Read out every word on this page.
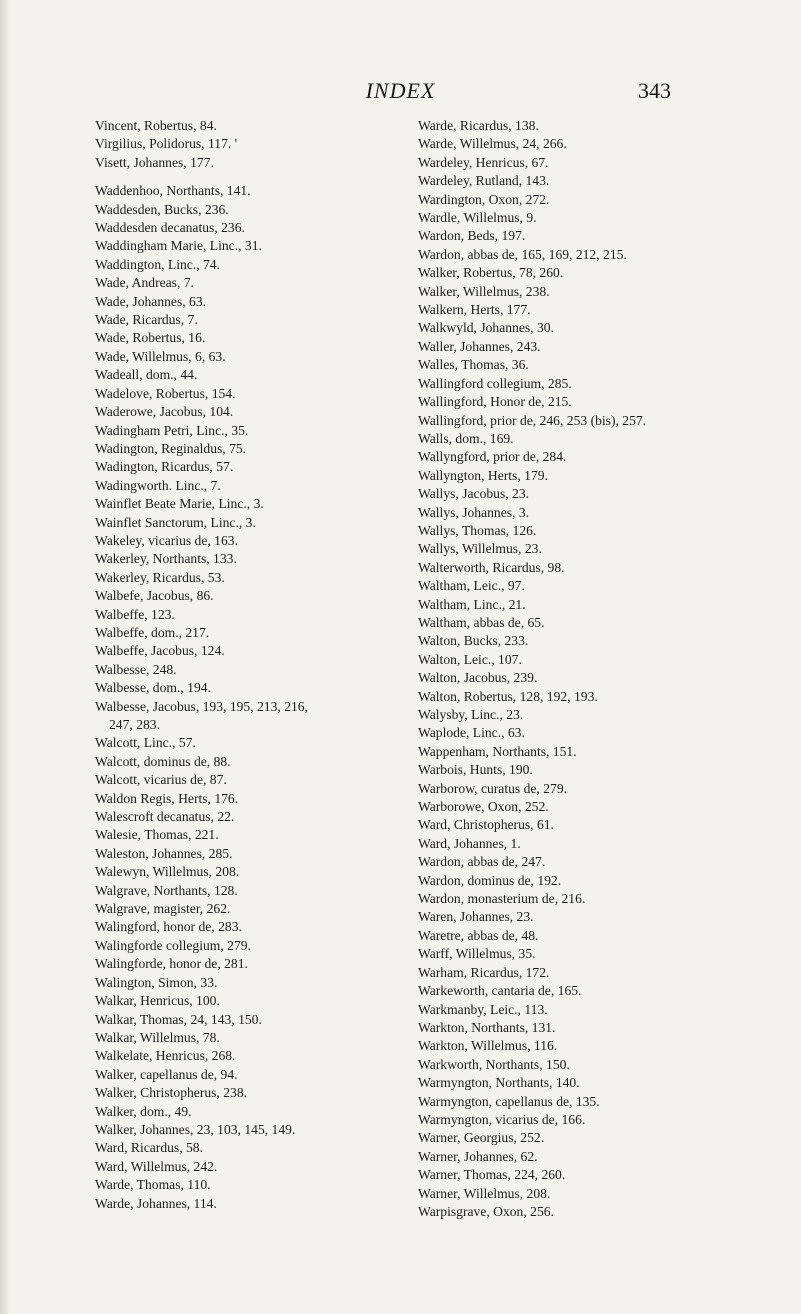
INDEX	343
Vincent, Robertus, 84.
Virgilius, Polidorus, 117. '
Visett, Johannes, 177.
Waddenhoo, Northants, 141.
Waddesden, Bucks, 236.
Waddesden decanatus, 236.
Waddingham Marie, Linc., 31.
Waddington, Linc., 74.
Wade, Andreas, 7.
Wade, Johannes, 63.
Wade, Ricardus, 7.
Wade, Robertus, 16.
Wade, Willelmus, 6, 63.
Wadeall, dom., 44.
Wadelove, Robertus, 154.
Waderowe, Jacobus, 104.
Wadingham Petri, Linc., 35.
Wadington, Reginaldus, 75.
Wadington, Ricardus, 57.
Wadingworth. Linc., 7.
Wainflet Beate Marie, Linc., 3.
Wainflet Sanctorum, Linc., 3.
Wakeley, vicarius de, 163.
Wakerley, Northants, 133.
Wakerley, Ricardus, 53.
Walbefe, Jacobus, 86.
Walbeffe, 123.
Walbeffe, dom., 217.
Walbeffe, Jacobus, 124.
Walbesse, 248.
Walbesse, dom., 194.
Walbesse, Jacobus, 193, 195, 213, 216,
247, 283.
Walcott, Linc., 57.
Walcott, dominus de, 88.
Walcott, vicarius de, 87.
Waldon Regis, Herts, 176.
Walescroft decanatus, 22.
Walesie, Thomas, 221.
Waleston, Johannes, 285.
Walewyn, Willelmus, 208.
Walgrave, Northants, 128.
Walgrave, magister, 262.
Walingford, honor de, 283.
Walingforde collegium, 279.
Walingforde, honor de, 281.
Walington, Simon, 33.
Walkar, Henricus, 100.
Walkar, Thomas, 24, 143, 150.
Walkar, Willelmus, 78.
Walkelate, Henricus, 268.
Walker, capellanus de, 94.
Walker, Christopherus, 238.
Walker, dom., 49.
Walker, Johannes, 23, 103, 145, 149.
Ward, Ricardus, 58.
Ward, Willelmus, 242.
Warde, Thomas, 110.
Warde, Johannes, 114.
Warde, Ricardus, 138.
Warde, Willelmus, 24, 266.
Wardeley, Henricus, 67.
Wardeley, Rutland, 143.
Wardington, Oxon, 272.
Wardle, Willelmus, 9.
Wardon, Beds, 197.
Wardon, abbas de, 165, 169, 212, 215.
Walker, Robertus, 78, 260.
Walker, Willelmus, 238.
Walkern, Herts, 177.
Walkwyld, Johannes, 30.
Waller, Johannes, 243.
Walles, Thomas, 36.
Wallingford collegium, 285.
Wallingford, Honor de, 215.
Wallingford, prior de, 246, 253 (bis), 257.
Walls, dom., 169.
Wallyngford, prior de, 284.
Wallyngton, Herts, 179.
Wallys, Jacobus, 23.
Wallys, Johannes, 3.
Wallys, Thomas, 126.
Wallys, Willelmus, 23.
Walterworth, Ricardus, 98.
Waltham, Leic., 97.
Waltham, Linc., 21.
Waltham, abbas de, 65.
Walton, Bucks, 233.
Walton, Leic., 107.
Walton, Jacobus, 239.
Walton, Robertus, 128, 192, 193.
Walysby, Linc., 23.
Waplode, Linc., 63.
Wappenham, Northants, 151.
Warbois, Hunts, 190.
Warborow, curatus de, 279.
Warborowe, Oxon, 252.
Ward, Christopherus, 61.
Ward, Johannes, 1.
Wardon, abbas de, 247.
Wardon, dominus de, 192.
Wardon, monasterium de, 216.
Waren, Johannes, 23.
Waretre, abbas de, 48.
Warff, Willelmus, 35.
Warham, Ricardus, 172.
Warkeworth, cantaria de, 165.
Warkmanby, Leic., 113.
Warkton, Northants, 131.
Warkton, Willelmus, 116.
Warkworth, Northants, 150.
Warmyngton, Northants, 140.
Warmyngton, capellanus de, 135.
Warmyngton, vicarius de, 166.
Warner, Georgius, 252.
Warner, Johannes, 62.
Warner, Thomas, 224, 260.
Warner, Willelmus, 208.
Warpisgrave, Oxon, 256.
